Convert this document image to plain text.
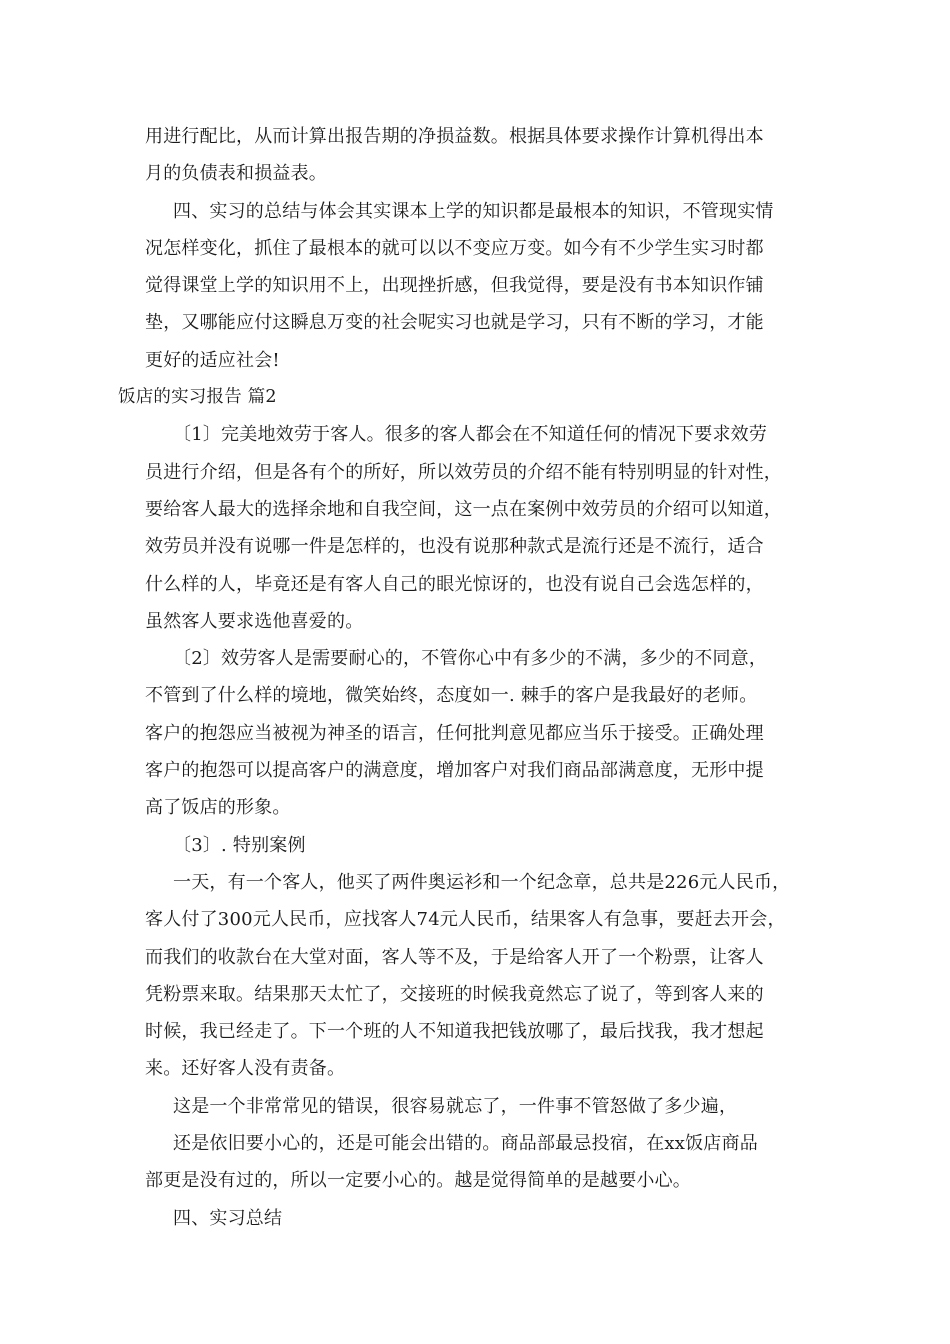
用进行配比，从而计算出报告期的净损益数。根据具体要求操作计算机得出本
月的负债表和损益表。
四、实习的总结与体会其实课本上学的知识都是最根本的知识，不管现实情
况怎样变化，抓住了最根本的就可以以不变应万变。如今有不少学生实习时都
觉得课堂上学的知识用不上，出现挫折感，但我觉得，要是没有书本知识作铺
垫，又哪能应付这瞬息万变的社会呢实习也就是学习，只有不断的学习，才能
更好的适应社会!
饭店的实习报告 篇2
〔1〕完美地效劳于客人。很多的客人都会在不知道任何的情况下要求效劳
员进行介绍，但是各有个的所好，所以效劳员的介绍不能有特别明显的针对性，
要给客人最大的选择余地和自我空间，这一点在案例中效劳员的介绍可以知道，
效劳员并没有说哪一件是怎样的，也没有说那种款式是流行还是不流行，适合
什么样的人，毕竟还是有客人自己的眼光惊讶的，也没有说自己会选怎样的，
虽然客人要求选他喜爱的。
〔2〕效劳客人是需要耐心的，不管你心中有多少的不满，多少的不同意，
不管到了什么样的境地，微笑始终，态度如一. 棘手的客户是我最好的老师。
客户的抱怨应当被视为神圣的语言，任何批判意见都应当乐于接受。正确处理
客户的抱怨可以提高客户的满意度，增加客户对我们商品部满意度，无形中提
高了饭店的形象。
〔3〕. 特别案例
一天，有一个客人，他买了两件奥运衫和一个纪念章，总共是226元人民币，
客人付了300元人民币，应找客人74元人民币，结果客人有急事，要赶去开会，
而我们的收款台在大堂对面，客人等不及，于是给客人开了一个粉票，让客人
凭粉票来取。结果那天太忙了，交接班的时候我竟然忘了说了，等到客人来的
时候，我已经走了。下一个班的人不知道我把钱放哪了，最后找我，我才想起
来。还好客人没有责备。
这是一个非常常见的错误，很容易就忘了，一件事不管怒做了多少遍，
还是依旧要小心的，还是可能会出错的。商品部最忌投宿，在xx饭店商品
部更是没有过的，所以一定要小心的。越是觉得简单的是越要小心。
四、实习总结
